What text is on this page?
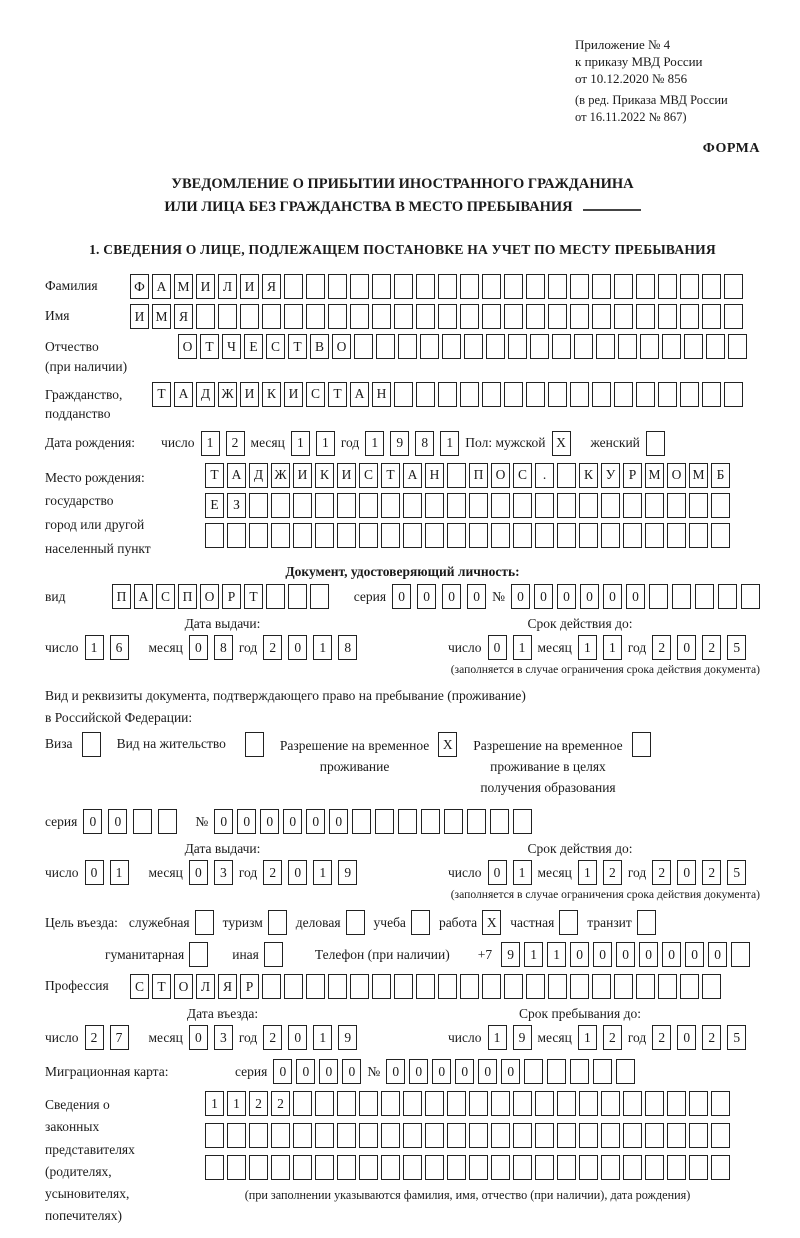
Приложение № 4
к приказу МВД России
от 10.12.2020 № 856
(в ред. Приказа МВД России
от 16.11.2022 № 867)
ФОРМА
УВЕДОМЛЕНИЕ О ПРИБЫТИИ ИНОСТРАННОГО ГРАЖДАНИНА
ИЛИ ЛИЦА БЕЗ ГРАЖДАНСТВА В МЕСТО ПРЕБЫВАНИЯ
1. СВЕДЕНИЯ О ЛИЦЕ, ПОДЛЕЖАЩЕМ ПОСТАНОВКЕ НА УЧЕТ ПО МЕСТУ ПРЕБЫВАНИЯ
Фамилия	Ф А М И Л И Я
Имя	И М Я
Отчество
(при наличии)
О Т Ч Е С Т В О
Гражданство,
подданство
Т А Д Ж И К И С Т А Н
Дата рождения: число 1	2 месяц 1	1 год 1	9	8	1 Пол: мужской X	женский
Место рождения:
государство
город или другой
населенный пункт
Т А Д Ж И К И С Т А Н	П О С	.	К У Р М О М Б
Е	З
Документ, удостоверяющий личность:
вид	П А С П О Р	Т	серия 0	0	0	0 № 0	0	0	0	0	0
Дата выдачи:	Срок действия до:
число 1	6	месяц 0	8 год 2	0	1	8	число 0	1 месяц 1	1 год 2	0	2	5
(заполняется в случае ограничения срока действия документа)
Вид и реквизиты документа, подтверждающего право на пребывание (проживание)
в Российской Федерации:
Виза	Вид на жительство	Разрешение на временное
проживание
X	Разрешение на временное
проживание в целях
получения образования
серия 0	0	№ 0	0	0	0	0	0
Дата выдачи:	Срок действия до:
число 0	1	месяц 0	3 год 2	0	1	9	число 0	1 месяц 1	2 год 2	0	2	5
(заполняется в случае ограничения срока действия документа)
Цель въезда: служебная туризм деловая учеба работа X	частная транзит
гуманитарная	иная	Телефон (при наличии) +7	9	1	1	0	0	0	0	0	0	0
Профессия	С Т О Л Я	Р
Дата въезда:	Срок пребывания до:
число 2	7	месяц 0	3 год 2	0	1	9	число 1	9 месяц 1	2 год 2	0	2	5
Миграционная карта:	серия 0	0	0	0 № 0	0	0	0	0	0
Сведения о
законных
представителях
(родителях,
усыновителях,
попечителях)
1	1	2	2
(при заполнении указываются фамилия, имя, отчество (при наличии), дата рождения)
